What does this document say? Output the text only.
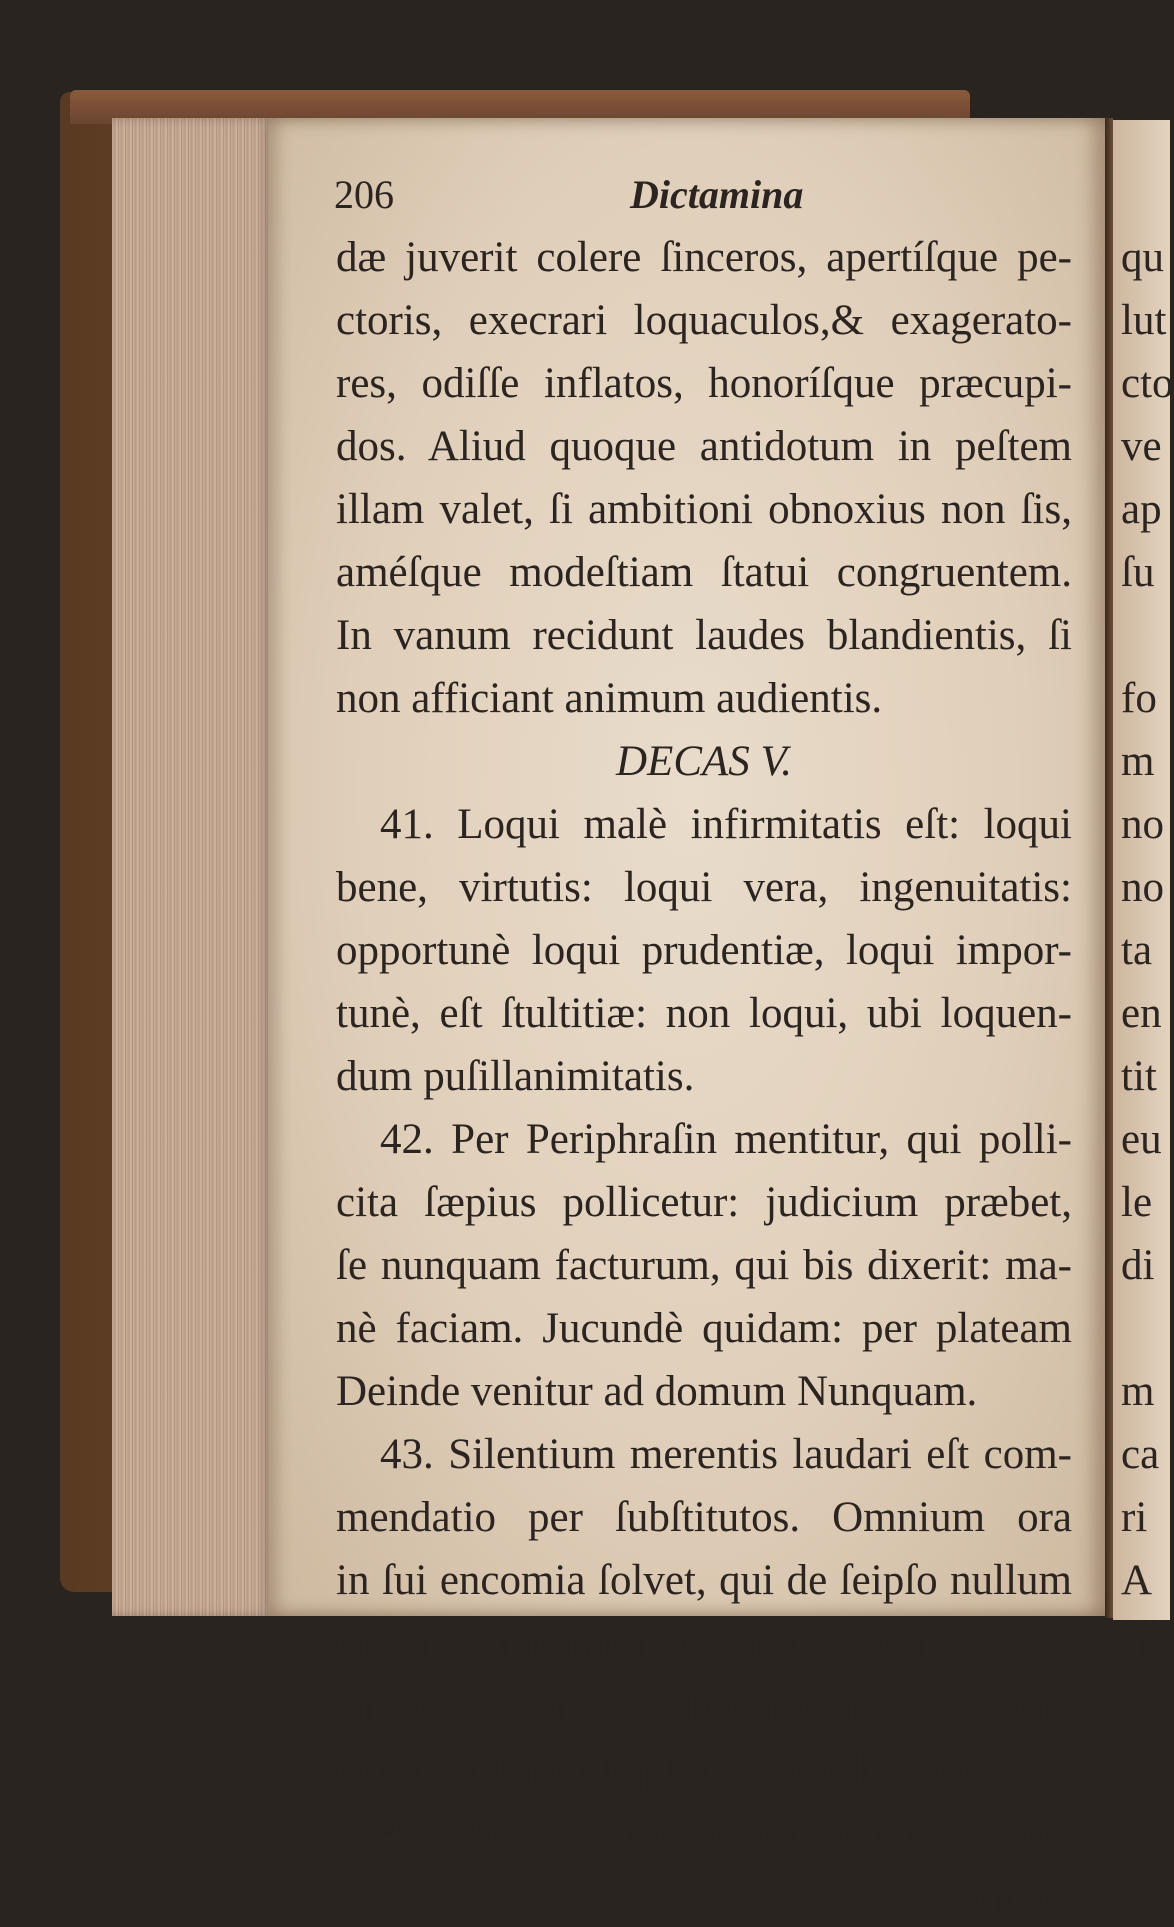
206	Dictamina
dæ juverit colere ſinceros, apertíſque pe-
ctoris, execrari loquaculos,& exagerato-
res, odiſſe inflatos, honoríſque præcupi-
dos. Aliud quoque antidotum in peſtem
illam valet, ſi ambitioni obnoxius non ſis,
améſque modeſtiam ſtatui congruentem.
In vanum recidunt laudes blandientis, ſi
non afficiant animum audientis.
DECAS V.
41. Loqui malè infirmitatis eſt: loqui
bene, virtutis: loqui vera, ingenuitatis:
opportunè loqui prudentiæ, loqui impor-
tunè, eſt ſtultitiæ: non loqui, ubi loquen-
dum puſillanimitatis.
42. Per Periphraſin mentitur, qui polli-
cita ſæpius pollicetur: judicium præbet,
ſe nunquam facturum, qui bis dixerit: ma-
nè faciam. Jucundè quidam: per plateam
Deinde venitur ad domum Nunquam.
43. Silentium merentis laudari eſt com-
mendatio per ſubſtitutos. Omnium ora
in ſui encomia ſolvet, qui de ſeipſo nullum
dixerit: quemadmodum è contrario o-
mnibus anſam præbet murmurandi, qui
officium ſumit ſeipſum deprædicandi.
44. Aëre tam corrupto nemo vixerit,
quàm
qu
lut
cto
ve
ap
ſu
fo
m
no
no
ta
en
tit
eu
le
di
m
ca
ri
A
n
